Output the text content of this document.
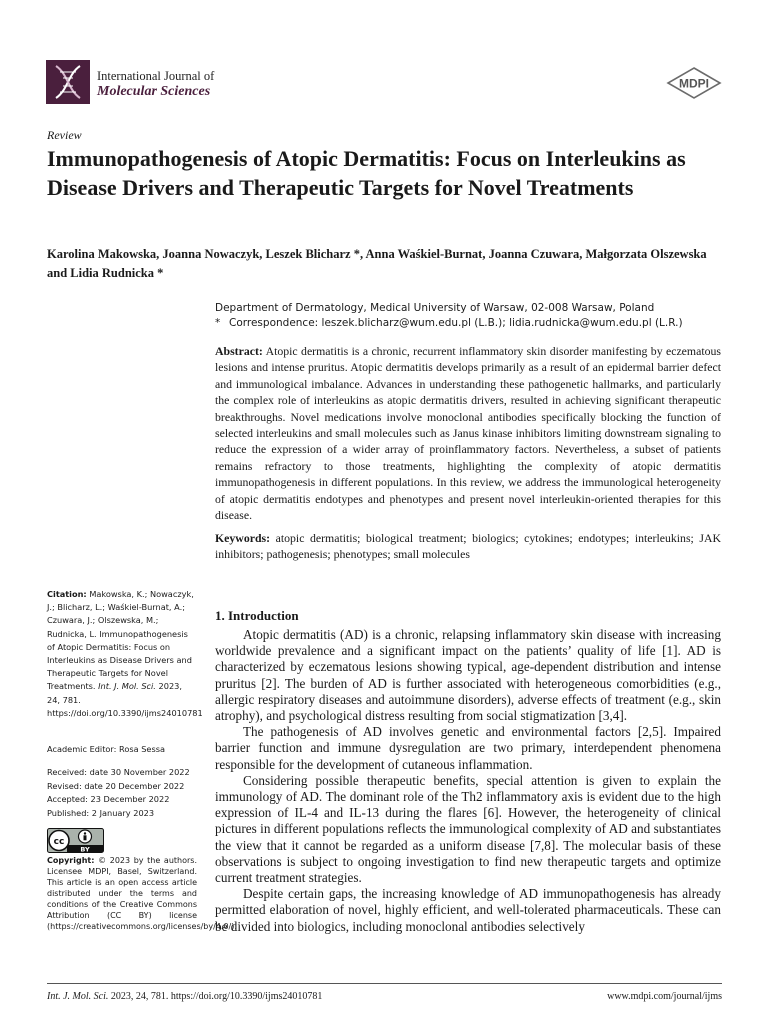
International Journal of
Molecular Sciences
MDPI
Review
Immunopathogenesis of Atopic Dermatitis: Focus on Interleukins as Disease Drivers and Therapeutic Targets for Novel Treatments
Karolina Makowska, Joanna Nowaczyk, Leszek Blicharz *, Anna Waśkiel-Burnat, Joanna Czuwara, Małgorzata Olszewska and Lidia Rudnicka *
Department of Dermatology, Medical University of Warsaw, 02-008 Warsaw, Poland
* Correspondence: leszek.blicharz@wum.edu.pl (L.B.); lidia.rudnicka@wum.edu.pl (L.R.)
Abstract: Atopic dermatitis is a chronic, recurrent inflammatory skin disorder manifesting by eczematous lesions and intense pruritus. Atopic dermatitis develops primarily as a result of an epidermal barrier defect and immunological imbalance. Advances in understanding these pathogenetic hallmarks, and particularly the complex role of interleukins as atopic dermatitis drivers, resulted in achieving significant therapeutic breakthroughs. Novel medications involve monoclonal antibodies specifically blocking the function of selected interleukins and small molecules such as Janus kinase inhibitors limiting downstream signaling to reduce the expression of a wider array of proinflammatory factors. Nevertheless, a subset of patients remains refractory to those treatments, highlighting the complexity of atopic dermatitis immunopathogenesis in different populations. In this review, we address the immunological heterogeneity of atopic dermatitis endotypes and phenotypes and present novel interleukin-oriented therapies for this disease.
Keywords: atopic dermatitis; biological treatment; biologics; cytokines; endotypes; interleukins; JAK inhibitors; pathogenesis; phenotypes; small molecules
Citation: Makowska, K.; Nowaczyk, J.; Blicharz, L.; Waśkiel-Burnat, A.; Czuwara, J.; Olszewska, M.; Rudnicka, L. Immunopathogenesis of Atopic Dermatitis: Focus on Interleukins as Disease Drivers and Therapeutic Targets for Novel Treatments. Int. J. Mol. Sci. 2023, 24, 781. https://doi.org/10.3390/ijms24010781
Academic Editor: Rosa Sessa
Received: date 30 November 2022
Revised: date 20 December 2022
Accepted: 23 December 2022
Published: 2 January 2023
cc
BY
Copyright: © 2023 by the authors. Licensee MDPI, Basel, Switzerland. This article is an open access article distributed under the terms and conditions of the Creative Commons Attribution (CC BY) license (https://creativecommons.org/licenses/by/4.0/).
1. Introduction

Atopic dermatitis (AD) is a chronic, relapsing inflammatory skin disease with increasing worldwide prevalence and a significant impact on the patients’ quality of life [1]. AD is characterized by eczematous lesions showing typical, age-dependent distribution and intense pruritus [2]. The burden of AD is further associated with heterogeneous comorbidities (e.g., allergic respiratory diseases and autoimmune disorders), adverse effects of treatment (e.g., skin atrophy), and psychological distress resulting from social stigmatization [3,4].

The pathogenesis of AD involves genetic and environmental factors [2,5]. Impaired barrier function and immune dysregulation are two primary, interdependent phenomena responsible for the development of cutaneous inflammation.

Considering possible therapeutic benefits, special attention is given to explain the immunology of AD. The dominant role of the Th2 inflammatory axis is evident due to the high expression of IL-4 and IL-13 during the flares [6]. However, the heterogeneity of clinical pictures in different populations reflects the immunological complexity of AD and substantiates the view that it cannot be regarded as a uniform disease [7,8]. The molecular basis of these observations is subject to ongoing investigation to find new therapeutic targets and optimize current treatment strategies.

Despite certain gaps, the increasing knowledge of AD immunopathogenesis has already permitted elaboration of novel, highly efficient, and well-tolerated pharmaceuticals. These can be divided into biologics, including monoclonal antibodies selectively

Int. J. Mol. Sci. 2023, 24, 781. https://doi.org/10.3390/ijms24010781	www.mdpi.com/journal/ijms
